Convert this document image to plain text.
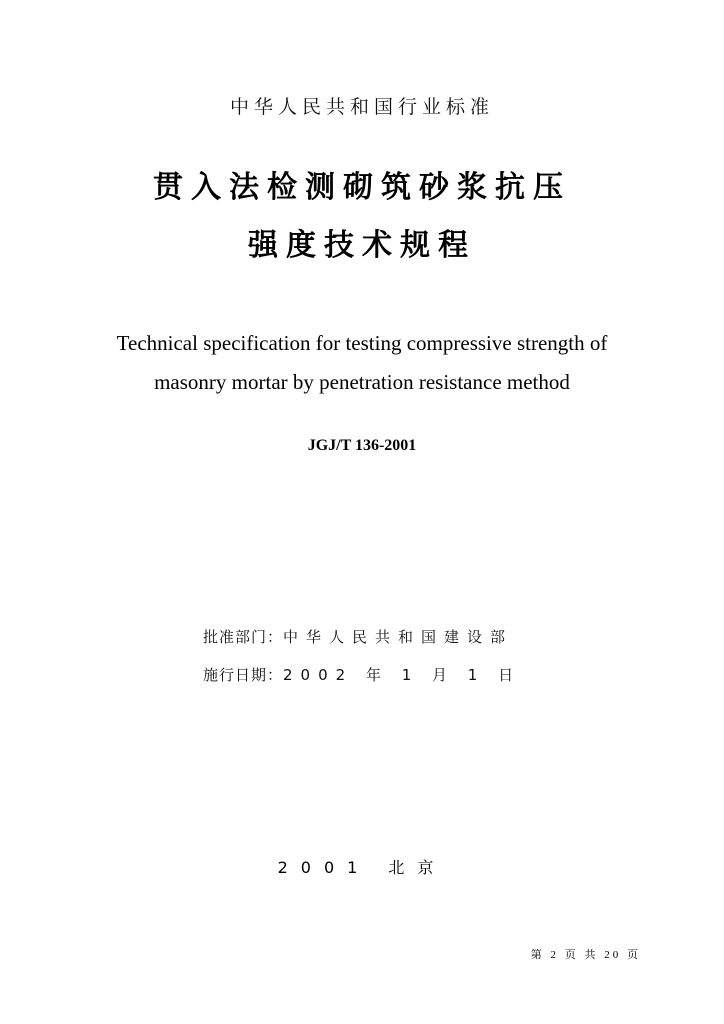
中华人民共和国行业标准
贯入法检测砌筑砂浆抗压
强度技术规程
Technical specification for testing compressive strength of
masonry mortar by penetration resistance method
JGJ/T 136-2001
批准部门：中华人民共和国建设部
施行日期：2002 年 1 月 1 日
2001 北京
第 2 页 共 20 页
